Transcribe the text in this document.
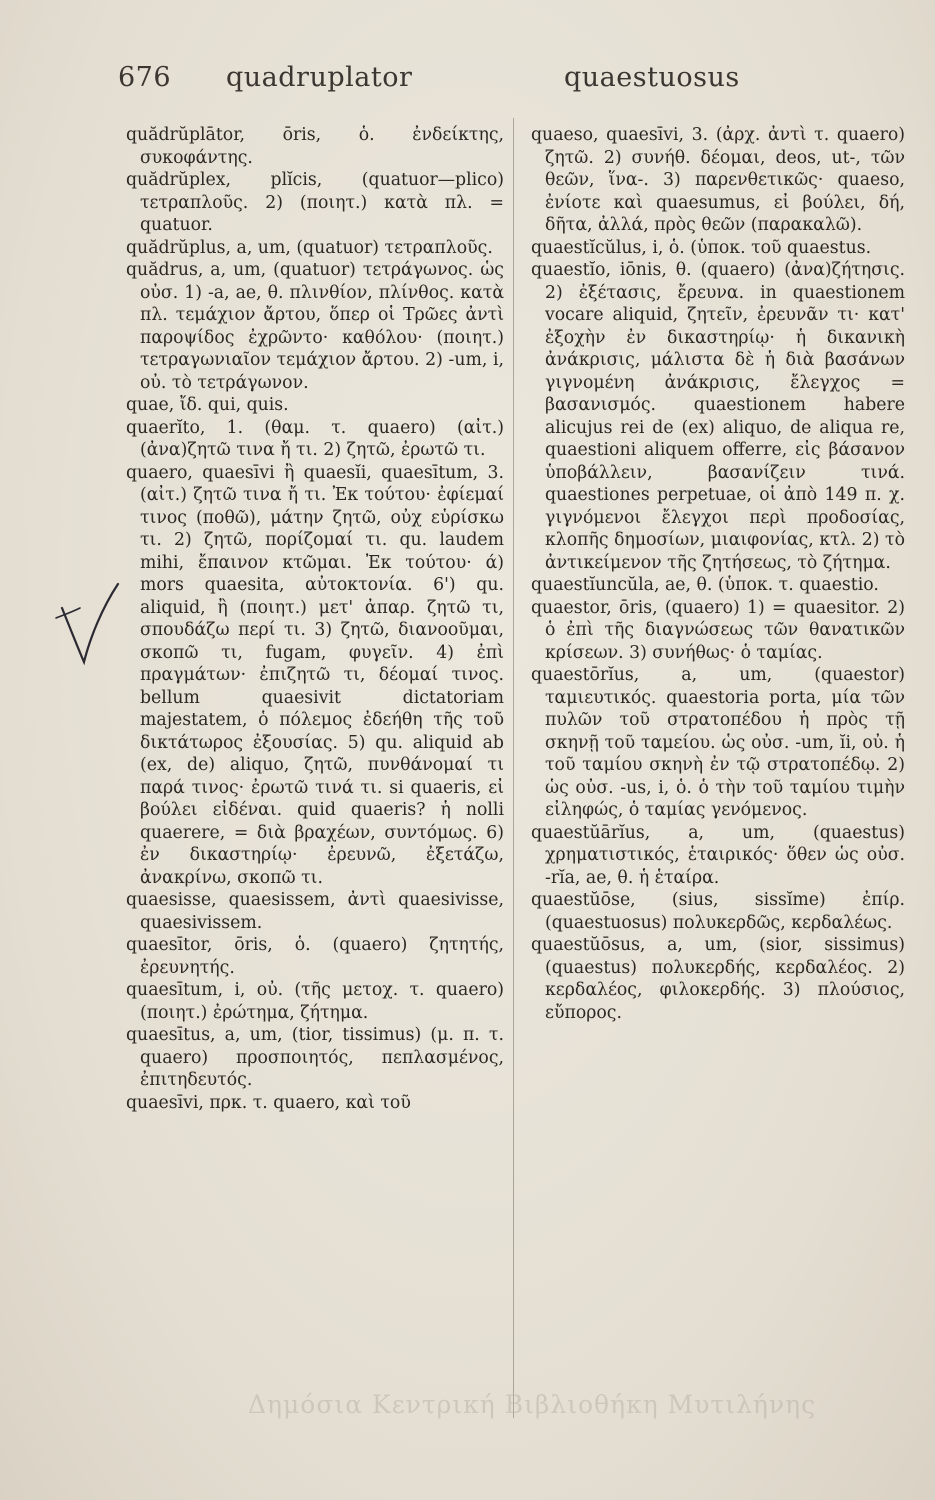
676 quadruplator	quaestuosus

quădrŭplātor, ōris, ὁ. ἐνδείκτης, συκοφάντης.

quădrŭplex, plĭcis, (quatuor—plico) τετραπλοῦς. 2) (ποιητ.) κατὰ πλ. = quatuor.

quădrŭplus, a, um, (quatuor) τετραπλοῦς.

quădrus, a, um, (quatuor) τετράγωνος. ὡς οὐσ. 1) -a, ae, θ. πλινθίον, πλίνθος. κατὰ πλ. τεμάχιον ἄρτου, ὅπερ οἱ Τρῶες ἀντὶ παροψίδος ἐχρῶντο· καθόλου· (ποιητ.) τετραγωνιαῖον τεμάχιον ἄρτου. 2) -um, i, οὐ. τὸ τετράγωνον.

quae, ἴδ. qui, quis.

quaerĭto, 1. (θαμ. τ. quaero) (αἰτ.) (ἀνα)ζητῶ τινα ἤ τι. 2) ζητῶ, ἐρωτῶ τι.

quaero, quaesīvi ἢ quaesĭi, quaesītum, 3. (αἰτ.) ζητῶ τινα ἤ τι. Ἐκ τούτου· ἐφίεμαί τινος (ποθῶ), μάτην ζητῶ, οὐχ εὑρίσκω τι. 2) ζητῶ, πορίζομαί τι. qu. laudem mihi, ἔπαινον κτῶμαι. Ἐκ τούτου· ά) mors quaesita, αὐτοκτονία. 6') qu. aliquid, ἢ (ποιητ.) μετ' ἀπαρ. ζητῶ τι, σπουδάζω περί τι. 3) ζητῶ, διανοοῦμαι, σκοπῶ τι, fugam, φυγεῖν. 4) ἐπὶ πραγμάτων· ἐπιζητῶ τι, δέομαί τινος. bellum quaesivit dictatoriam majestatem, ὁ πόλεμος ἐδεήθη τῆς τοῦ δικτάτωρος ἐξουσίας. 5) qu. aliquid ab (ex, de) aliquo, ζητῶ, πυνθάνομαί τι παρά τινος· ἐρωτῶ τινά τι. si quaeris, εἰ βούλει εἰδέναι. quid quaeris? ἡ nolli quaerere, = διὰ βραχέων, συντόμως. 6) ἐν δικαστηρίῳ· ἐρευνῶ, ἐξετάζω, ἀνακρίνω, σκοπῶ τι.

quaesisse, quaesissem, ἀντὶ quaesivisse, quaesivissem.

quaesītor, ōris, ὁ. (quaero) ζητητής, ἐρευνητής.

quaesītum, i, οὐ. (τῆς μετοχ. τ. quaero) (ποιητ.) ἐρώτημα, ζήτημα.

quaesītus, a, um, (tior, tissimus) (μ. π. τ. quaero) προσποιητός, πεπλασμένος, ἐπιτηδευτός.

quaesīvi, πρκ. τ. quaero, καὶ τοῦ

quaeso, quaesīvi, 3. (ἀρχ. ἀντὶ τ. quaero) ζητῶ. 2) συνήθ. δέομαι, deos, ut-, τῶν θεῶν, ἵνα-. 3) παρενθετικῶς· quaeso, ἐνίοτε καὶ quaesumus, εἰ βούλει, δή, δῆτα, ἀλλά, πρὸς θεῶν (παρακαλῶ).

quaestĭcŭlus, i, ὁ. (ὑποκ. τοῦ quaestus.

quaestĭo, iōnis, θ. (quaero) (ἀνα)ζήτησις. 2) ἐξέτασις, ἔρευνα. in quaestionem vocare aliquid, ζητεῖν, ἐρευνᾶν τι· κατ' ἐξοχὴν ἐν δικαστηρίῳ· ἡ δικανικὴ ἀνάκρισις, μάλιστα δὲ ἡ διὰ βασάνων γιγνομένη ἀνάκρισις, ἔλεγχος = βασανισμός. quaestionem habere alicujus rei de (ex) aliquo, de aliqua re, quaestioni aliquem offerre, εἰς βάσανον ὑποβάλλειν, βασανίζειν τινά. quaestiones perpetuae, οἱ ἀπὸ 149 π. χ. γιγνόμενοι ἔλεγχοι περὶ προδοσίας, κλοπῆς δημοσίων, μιαιφονίας, κτλ. 2) τὸ ἀντικείμενον τῆς ζητήσεως, τὸ ζήτημα.

quaestĭuncŭla, ae, θ. (ὑποκ. τ. quaestio.

quaestor, ōris, (quaero) 1) = quaesitor. 2) ὁ ἐπὶ τῆς διαγνώσεως τῶν θανατικῶν κρίσεων. 3) συνήθως· ὁ ταμίας.

quaestōrĭus, a, um, (quaestor) ταμιευτικός. quaestoria porta, μία τῶν πυλῶν τοῦ στρατοπέδου ἡ πρὸς τῇ σκηνῇ τοῦ ταμείου. ὡς οὐσ. -um, ĭi, οὐ. ἡ τοῦ ταμίου σκηνὴ ἐν τῷ στρατοπέδῳ. 2) ὡς οὐσ. -us, i, ὁ. ὁ τὴν τοῦ ταμίου τιμὴν εἰληφώς, ὁ ταμίας γενόμενος.

quaestŭārĭus, a, um, (quaestus) χρηματιστικός, ἑταιρικός· ὅθεν ὡς οὐσ. -rĭa, ae, θ. ἡ ἑταίρα.

quaestŭōse, (sius, sissĭme) ἐπίρ. (quaestuosus) πολυκερδῶς, κερδαλέως.

quaestŭōsus, a, um, (sior, sissimus) (quaestus) πολυκερδής, κερδαλέος. 2) κερδαλέος, φιλοκερδής. 3) πλούσιος, εὔπορος.

Δημόσια Κεντρική Βιβλιοθήκη Μυτιλήνης
